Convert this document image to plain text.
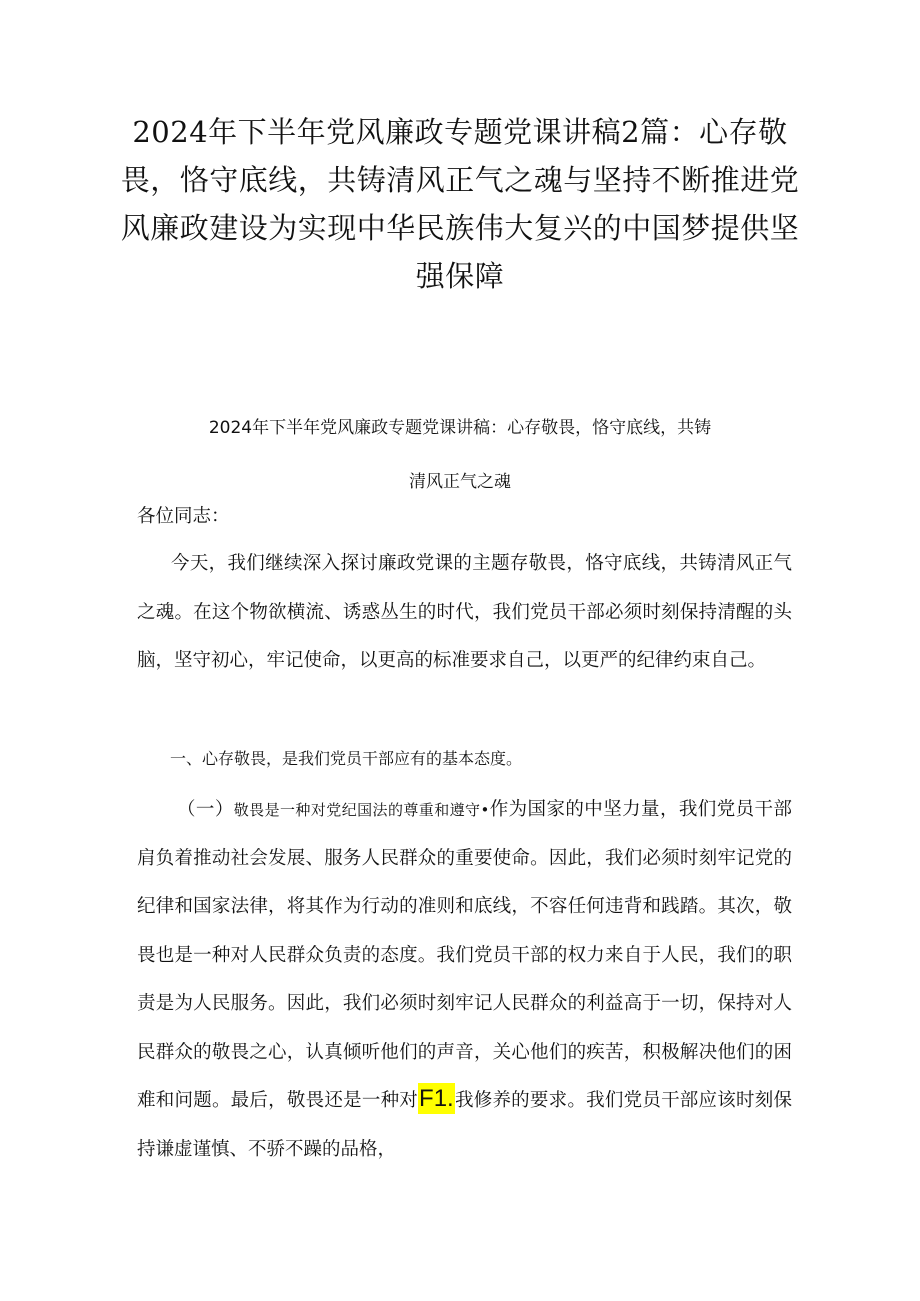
2024年下半年党风廉政专题党课讲稿2篇：心存敬畏，恪守底线，共铸清风正气之魂与坚持不断推进党风廉政建设为实现中华民族伟大复兴的中国梦提供坚强保障
2024年下半年党风廉政专题党课讲稿：心存敬畏，恪守底线，共铸
清风正气之魂

各位同志：

今天，我们继续深入探讨廉政党课的主题存敬畏，恪守底线，共铸清风正气之魂。在这个物欲横流、诱惑丛生的时代，我们党员干部必须时刻保持清醒的头脑，坚守初心，牢记使命，以更高的标准要求自己，以更严的纪律约束自己。

一、心存敬畏，是我们党员干部应有的基本态度。

（一）敬畏是一种对党纪国法的尊重和遵守•作为国家的中坚力量，我们党员干部肩负着推动社会发展、服务人民群众的重要使命。因此，我们必须时刻牢记党的纪律和国家法律，将其作为行动的准则和底线，不容任何违背和践踏。其次，敬畏也是一种对人民群众负责的态度。我们党员干部的权力来自于人民，我们的职责是为人民服务。因此，我们必须时刻牢记人民群众的利益高于一切，保持对人民群众的敬畏之心，认真倾听他们的声音，关心他们的疾苦，积极解决他们的困难和问题。最后，敬畏还是一种对F1.我修养的要求。我们党员干部应该时刻保持谦虚谨慎、不骄不躁的品格，
